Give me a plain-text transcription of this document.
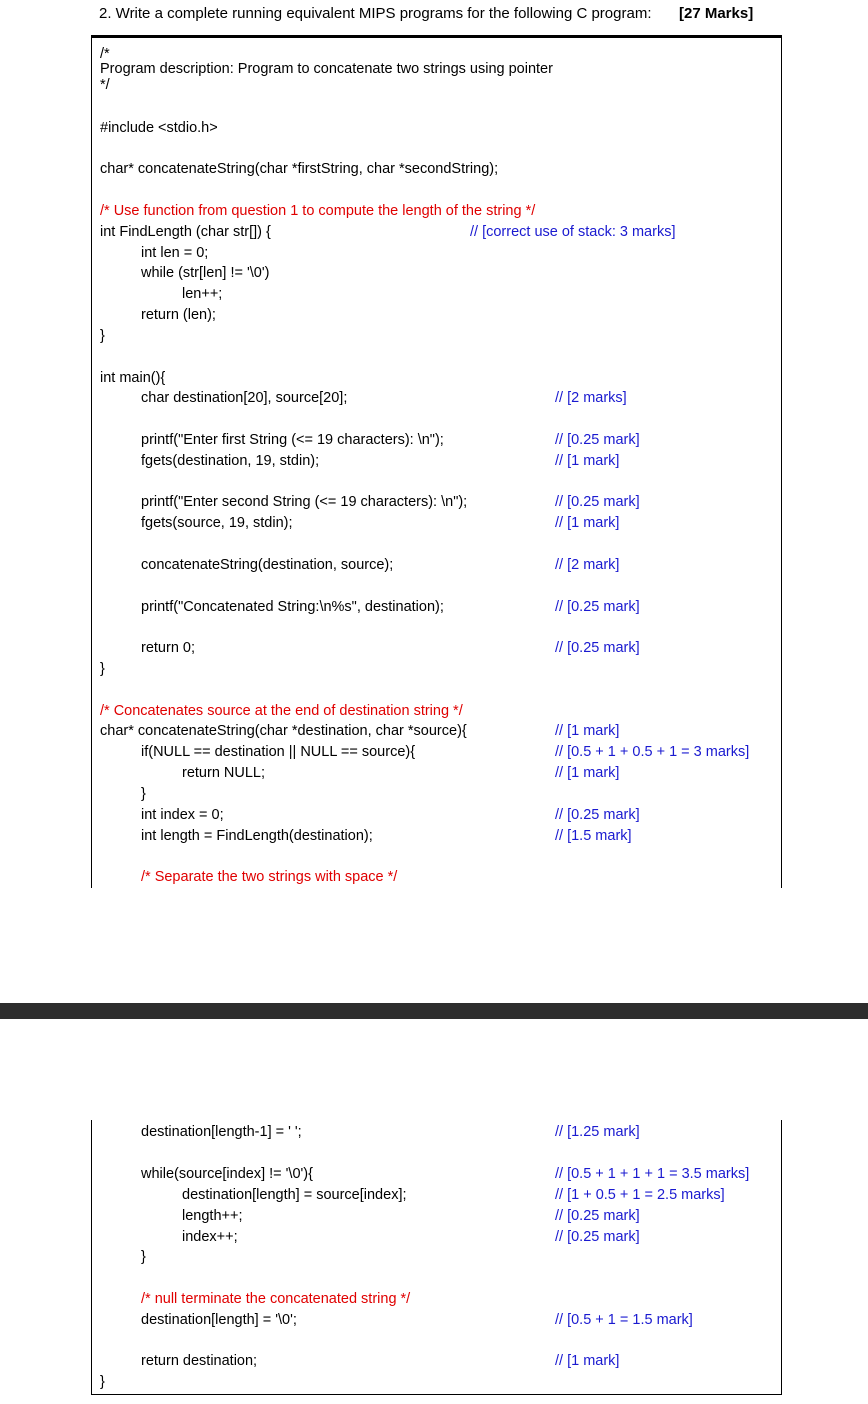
2. Write a complete running equivalent MIPS programs for the following C program: [27 Marks]
/*
Program description: Program to concatenate two strings using pointer
*/
#include <stdio.h>
char* concatenateString(char *firstString, char *secondString);
/* Use function from question 1 to compute the length of the string */
int FindLength (char str[]) {	// [correct use of stack: 3 marks]
int len = 0;
while (str[len] != '\0')
len++;
return (len);
}
int main(){
char destination[20], source[20];	// [2 marks]
printf("Enter first String (<= 19 characters): \n");	// [0.25 mark]
fgets(destination, 19, stdin);	// [1 mark]
printf("Enter second String (<= 19 characters): \n");	// [0.25 mark]
fgets(source, 19, stdin);	// [1 mark]
concatenateString(destination, source);	// [2 mark]
printf("Concatenated String:\n%s", destination);	// [0.25 mark]
return 0;	// [0.25 mark]
}
/* Concatenates source at the end of destination string */
char* concatenateString(char *destination, char *source){	// [1 mark]
if(NULL == destination || NULL == source){	// [0.5 + 1 + 0.5 + 1 = 3 marks]
return NULL;	// [1 mark]
}
int index = 0;	// [0.25 mark]
int length = FindLength(destination);	// [1.5 mark]
/* Separate the two strings with space */
destination[length-1] = ' ';	// [1.25 mark]
while(source[index] != '\0'){	// [0.5 + 1 + 1 + 1 = 3.5 marks]
destination[length] = source[index];	// [1 + 0.5 + 1 = 2.5 marks]
length++;	// [0.25 mark]
index++;	// [0.25 mark]
}
/* null terminate the concatenated string */
destination[length] = '\0';	// [0.5 + 1 = 1.5 mark]
return destination;	// [1 mark]
}
